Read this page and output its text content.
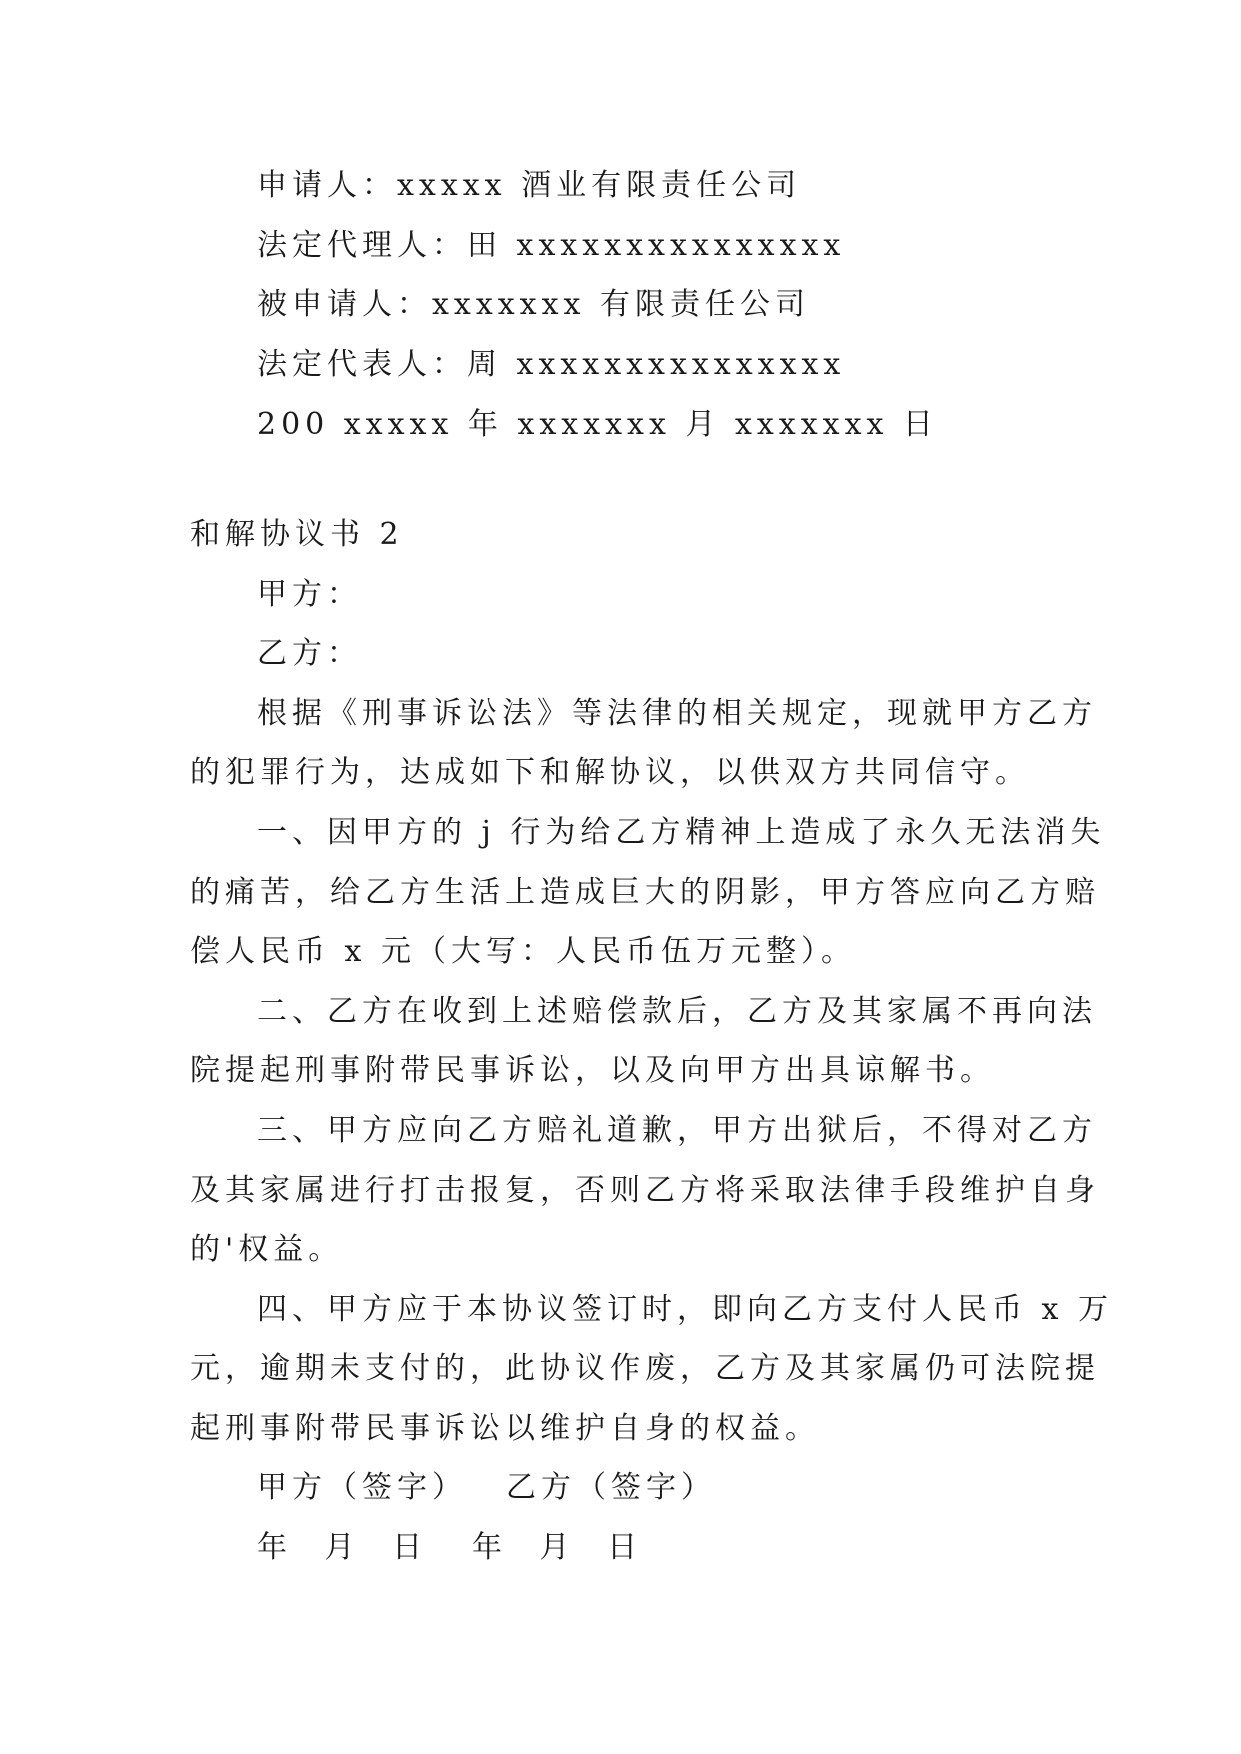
申请人：xxxxx 酒业有限责任公司
法定代理人：田 xxxxxxxxxxxxxxx
被申请人：xxxxxxx 有限责任公司
法定代表人：周 xxxxxxxxxxxxxxx
200 xxxxx 年 xxxxxxx 月 xxxxxxx 日
和解协议书 2
甲方：
乙方：
根据《刑事诉讼法》等法律的相关规定，现就甲方乙方
的犯罪行为，达成如下和解协议，以供双方共同信守。
一、因甲方的 j 行为给乙方精神上造成了永久无法消失
的痛苦，给乙方生活上造成巨大的阴影，甲方答应向乙方赔
偿人民币 x 元（大写：人民币伍万元整）。
二、乙方在收到上述赔偿款后，乙方及其家属不再向法
院提起刑事附带民事诉讼，以及向甲方出具谅解书。
三、甲方应向乙方赔礼道歉，甲方出狱后，不得对乙方
及其家属进行打击报复，否则乙方将采取法律手段维护自身
的'权益。
四、甲方应于本协议签订时，即向乙方支付人民币 x 万
元，逾期未支付的，此协议作废，乙方及其家属仍可法院提
起刑事附带民事诉讼以维护自身的权益。
甲方（签字） 乙方（签字）
年 月 日 年 月 日
